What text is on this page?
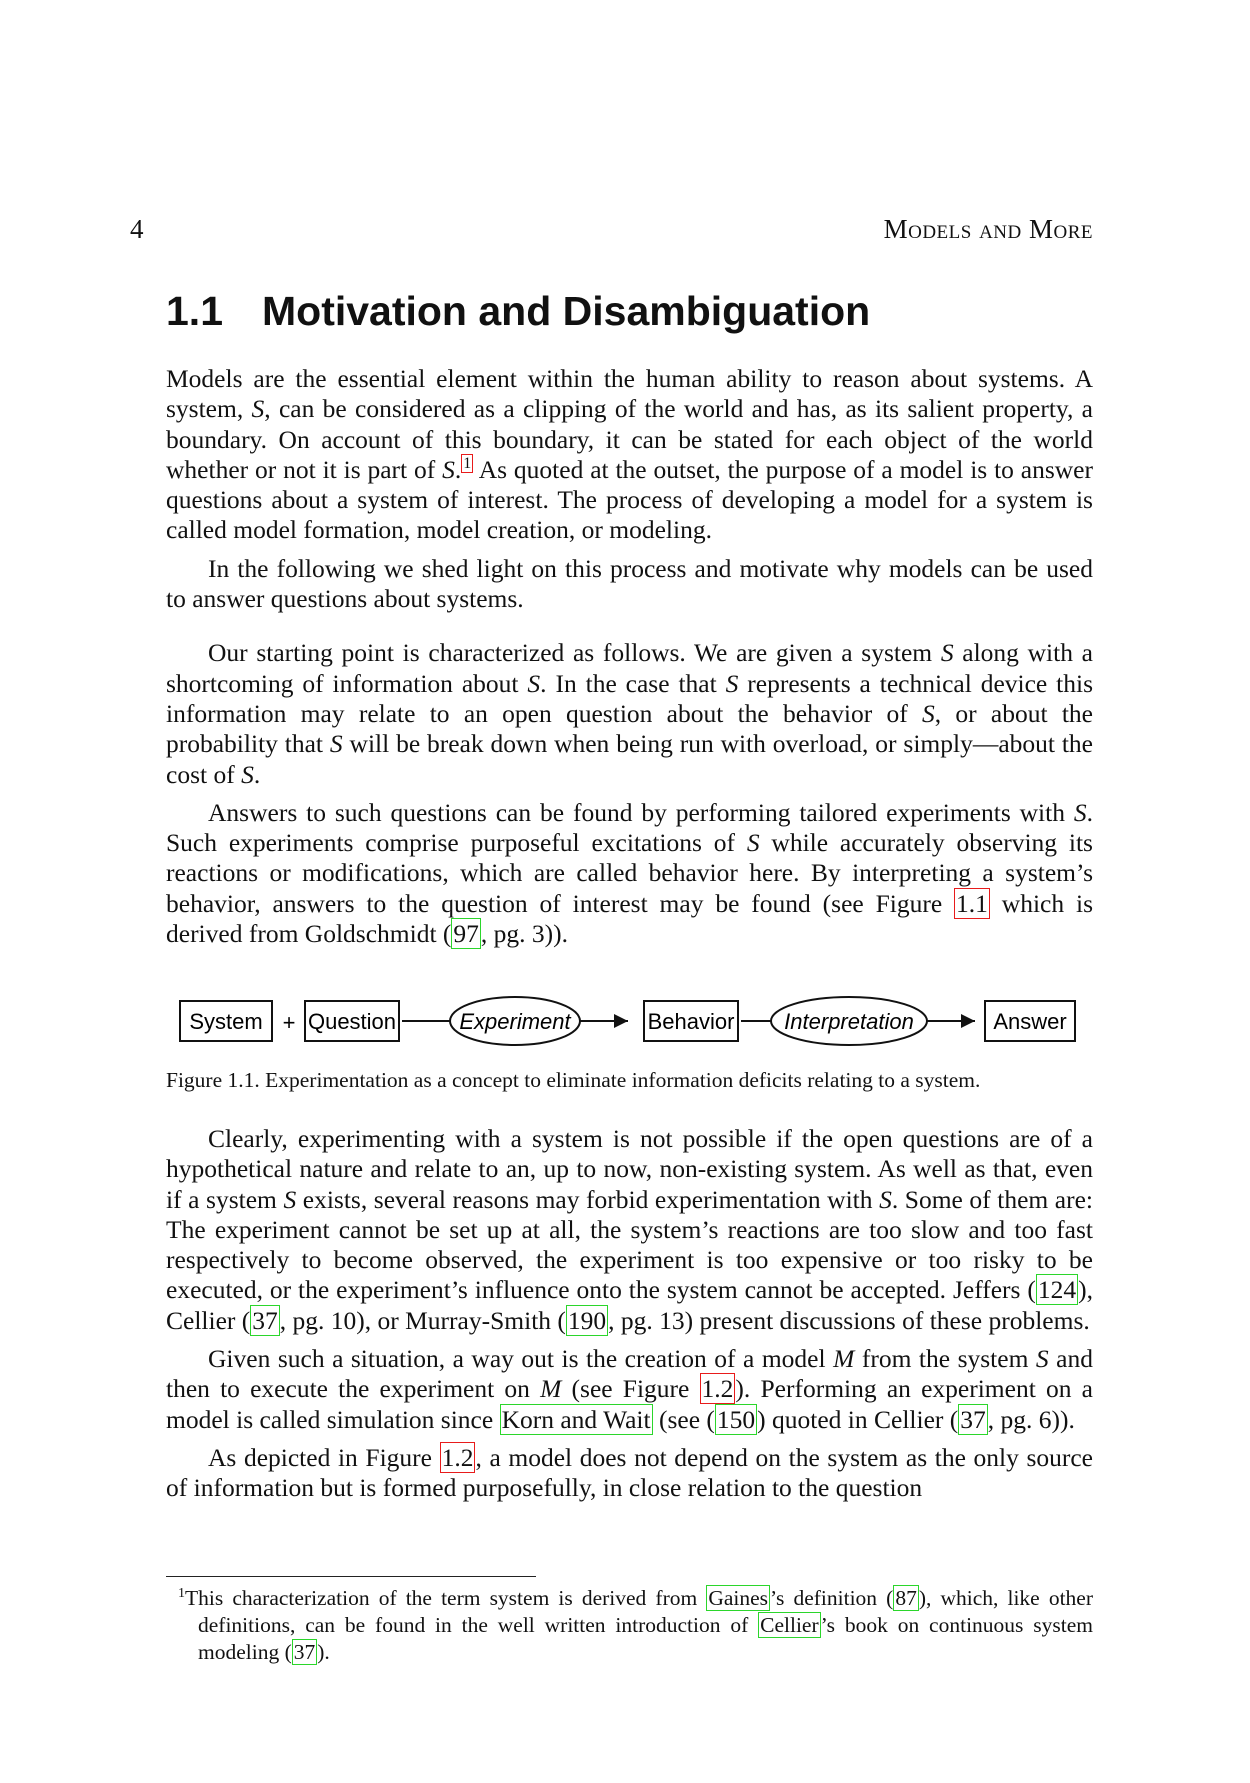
4	Models and More
1.1 Motivation and Disambiguation

Models are the essential element within the human ability to reason about systems. A system, S, can be considered as a clipping of the world and has, as its salient property, a boundary. On account of this boundary, it can be stated for each object of the world whether or not it is part of S. $^1$ As quoted at the outset, the purpose of a model is to answer questions about a system of interest. The process of developing a model for a system is called model formation, model creation, or modeling.

In the following we shed light on this process and motivate why models can be used to answer questions about systems.

Our starting point is characterized as follows. We are given a system S along with a shortcoming of information about S. In the case that S represents a technical device this information may relate to an open question about the behavior of S, or about the probability that S will be break down when being run with overload, or simply—about the cost of S.

Answers to such questions can be found by performing tailored experiments with S. Such experiments comprise purposeful excitations of S while accurately observing its reactions or modifications, which are called behavior here. By interpreting a system’s behavior, answers to the question of interest may be found (see Figure 1.1 which is derived from Goldschmidt (97, pg. 3)).

System + Question	Experiment	Behavior Interpretation	Answer
Figure 1.1. Experimentation as a concept to eliminate information deficits relating to a system.

Clearly, experimenting with a system is not possible if the open questions are of a hypothetical nature and relate to an, up to now, non-existing system. As well as that, even if a system S exists, several reasons may forbid experimentation with S. Some of them are: The experiment cannot be set up at all, the system’s reactions are too slow and too fast respectively to become observed, the experiment is too expensive or too risky to be executed, or the experiment’s influence onto the system cannot be accepted. Jeffers (124), Cellier (37, pg. 10), or Murray-Smith (190, pg. 13) present discussions of these problems.

Given such a situation, a way out is the creation of a model M from the system S and then to execute the experiment on M (see Figure 1.2). Performing an experiment on a model is called simulation since Korn and Wait (see (150) quoted in Cellier (37, pg. 6)).

As depicted in Figure 1.2, a model does not depend on the system as the only source of information but is formed purposefully, in close relation to the question

$^1$This characterization of the term system is derived from Gaines’s definition (87), which, like other definitions, can be found in the well written introduction of Cellier’s book on continuous system modeling (37).
